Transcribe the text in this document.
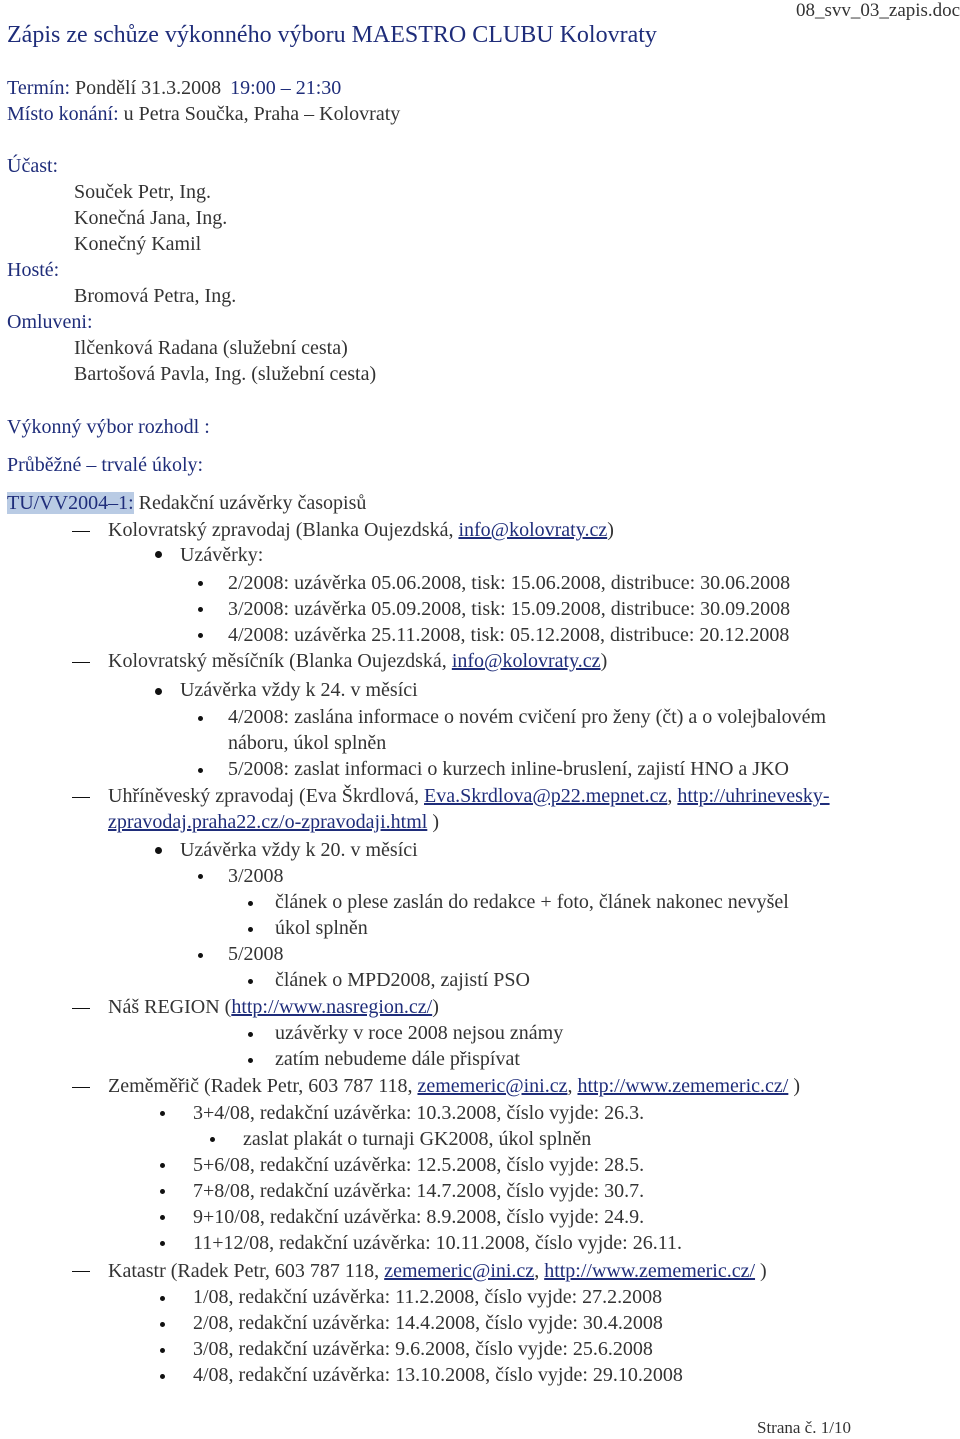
Zápis ze schůze výkonného výboru MAESTRO CLUBU Kolovraty
08_svv_03_zapis.doc
Termín: Pondělí 31.3.2008 19:00 – 21:30
Místo konání: u Petra Součka, Praha – Kolovraty
Účast:
Souček Petr, Ing.
Konečná Jana, Ing.
Konečný Kamil
Hosté:
Bromová Petra, Ing.
Omluveni:
Ilčenková Radana (služební cesta)
Bartošová Pavla, Ing. (služební cesta)
Výkonný výbor rozhodl :
Průběžné – trvalé úkoly:
TU/VV2004–1: Redakční uzávěrky časopisů
Kolovratský zpravodaj (Blanka Oujezdská, info@kolovraty.cz)
Uzávěrky:
2/2008: uzávěrka 05.06.2008, tisk: 15.06.2008, distribuce: 30.06.2008
3/2008: uzávěrka 05.09.2008, tisk: 15.09.2008, distribuce: 30.09.2008
4/2008: uzávěrka 25.11.2008, tisk: 05.12.2008, distribuce: 20.12.2008
Kolovratský měsíčník (Blanka Oujezdská, info@kolovraty.cz)
Uzávěrka vždy k 24. v měsíci
4/2008: zaslána informace o novém cvičení pro ženy (čt) a o volejbalovém
náboru, úkol splněn
5/2008: zaslat informaci o kurzech inline-bruslení, zajistí HNO a JKO
Uhříněveský zpravodaj (Eva Škrdlová, Eva.Skrdlova@p22.mepnet.cz, http://uhrinevesky-
zpravodaj.praha22.cz/o-zpravodaji.html )
Uzávěrka vždy k 20. v měsíci
3/2008
článek o plese zaslán do redakce + foto, článek nakonec nevyšel
úkol splněn
5/2008
článek o MPD2008, zajistí PSO
Náš REGION (http://www.nasregion.cz/)
uzávěrky v roce 2008 nejsou známy
zatím nebudeme dále přispívat
Zeměměřič (Radek Petr, 603 787 118, zememeric@ini.cz, http://www.zememeric.cz/ )
3+4/08, redakční uzávěrka: 10.3.2008, číslo vyjde: 26.3.
zaslat plakát o turnaji GK2008, úkol splněn
5+6/08, redakční uzávěrka: 12.5.2008, číslo vyjde: 28.5.
7+8/08, redakční uzávěrka: 14.7.2008, číslo vyjde: 30.7.
9+10/08, redakční uzávěrka: 8.9.2008, číslo vyjde: 24.9.
11+12/08, redakční uzávěrka: 10.11.2008, číslo vyjde: 26.11.
Katastr (Radek Petr, 603 787 118, zememeric@ini.cz, http://www.zememeric.cz/ )
1/08, redakční uzávěrka: 11.2.2008, číslo vyjde: 27.2.2008
2/08, redakční uzávěrka: 14.4.2008, číslo vyjde: 30.4.2008
3/08, redakční uzávěrka: 9.6.2008, číslo vyjde: 25.6.2008
4/08, redakční uzávěrka: 13.10.2008, číslo vyjde: 29.10.2008
Strana č. 1/10
